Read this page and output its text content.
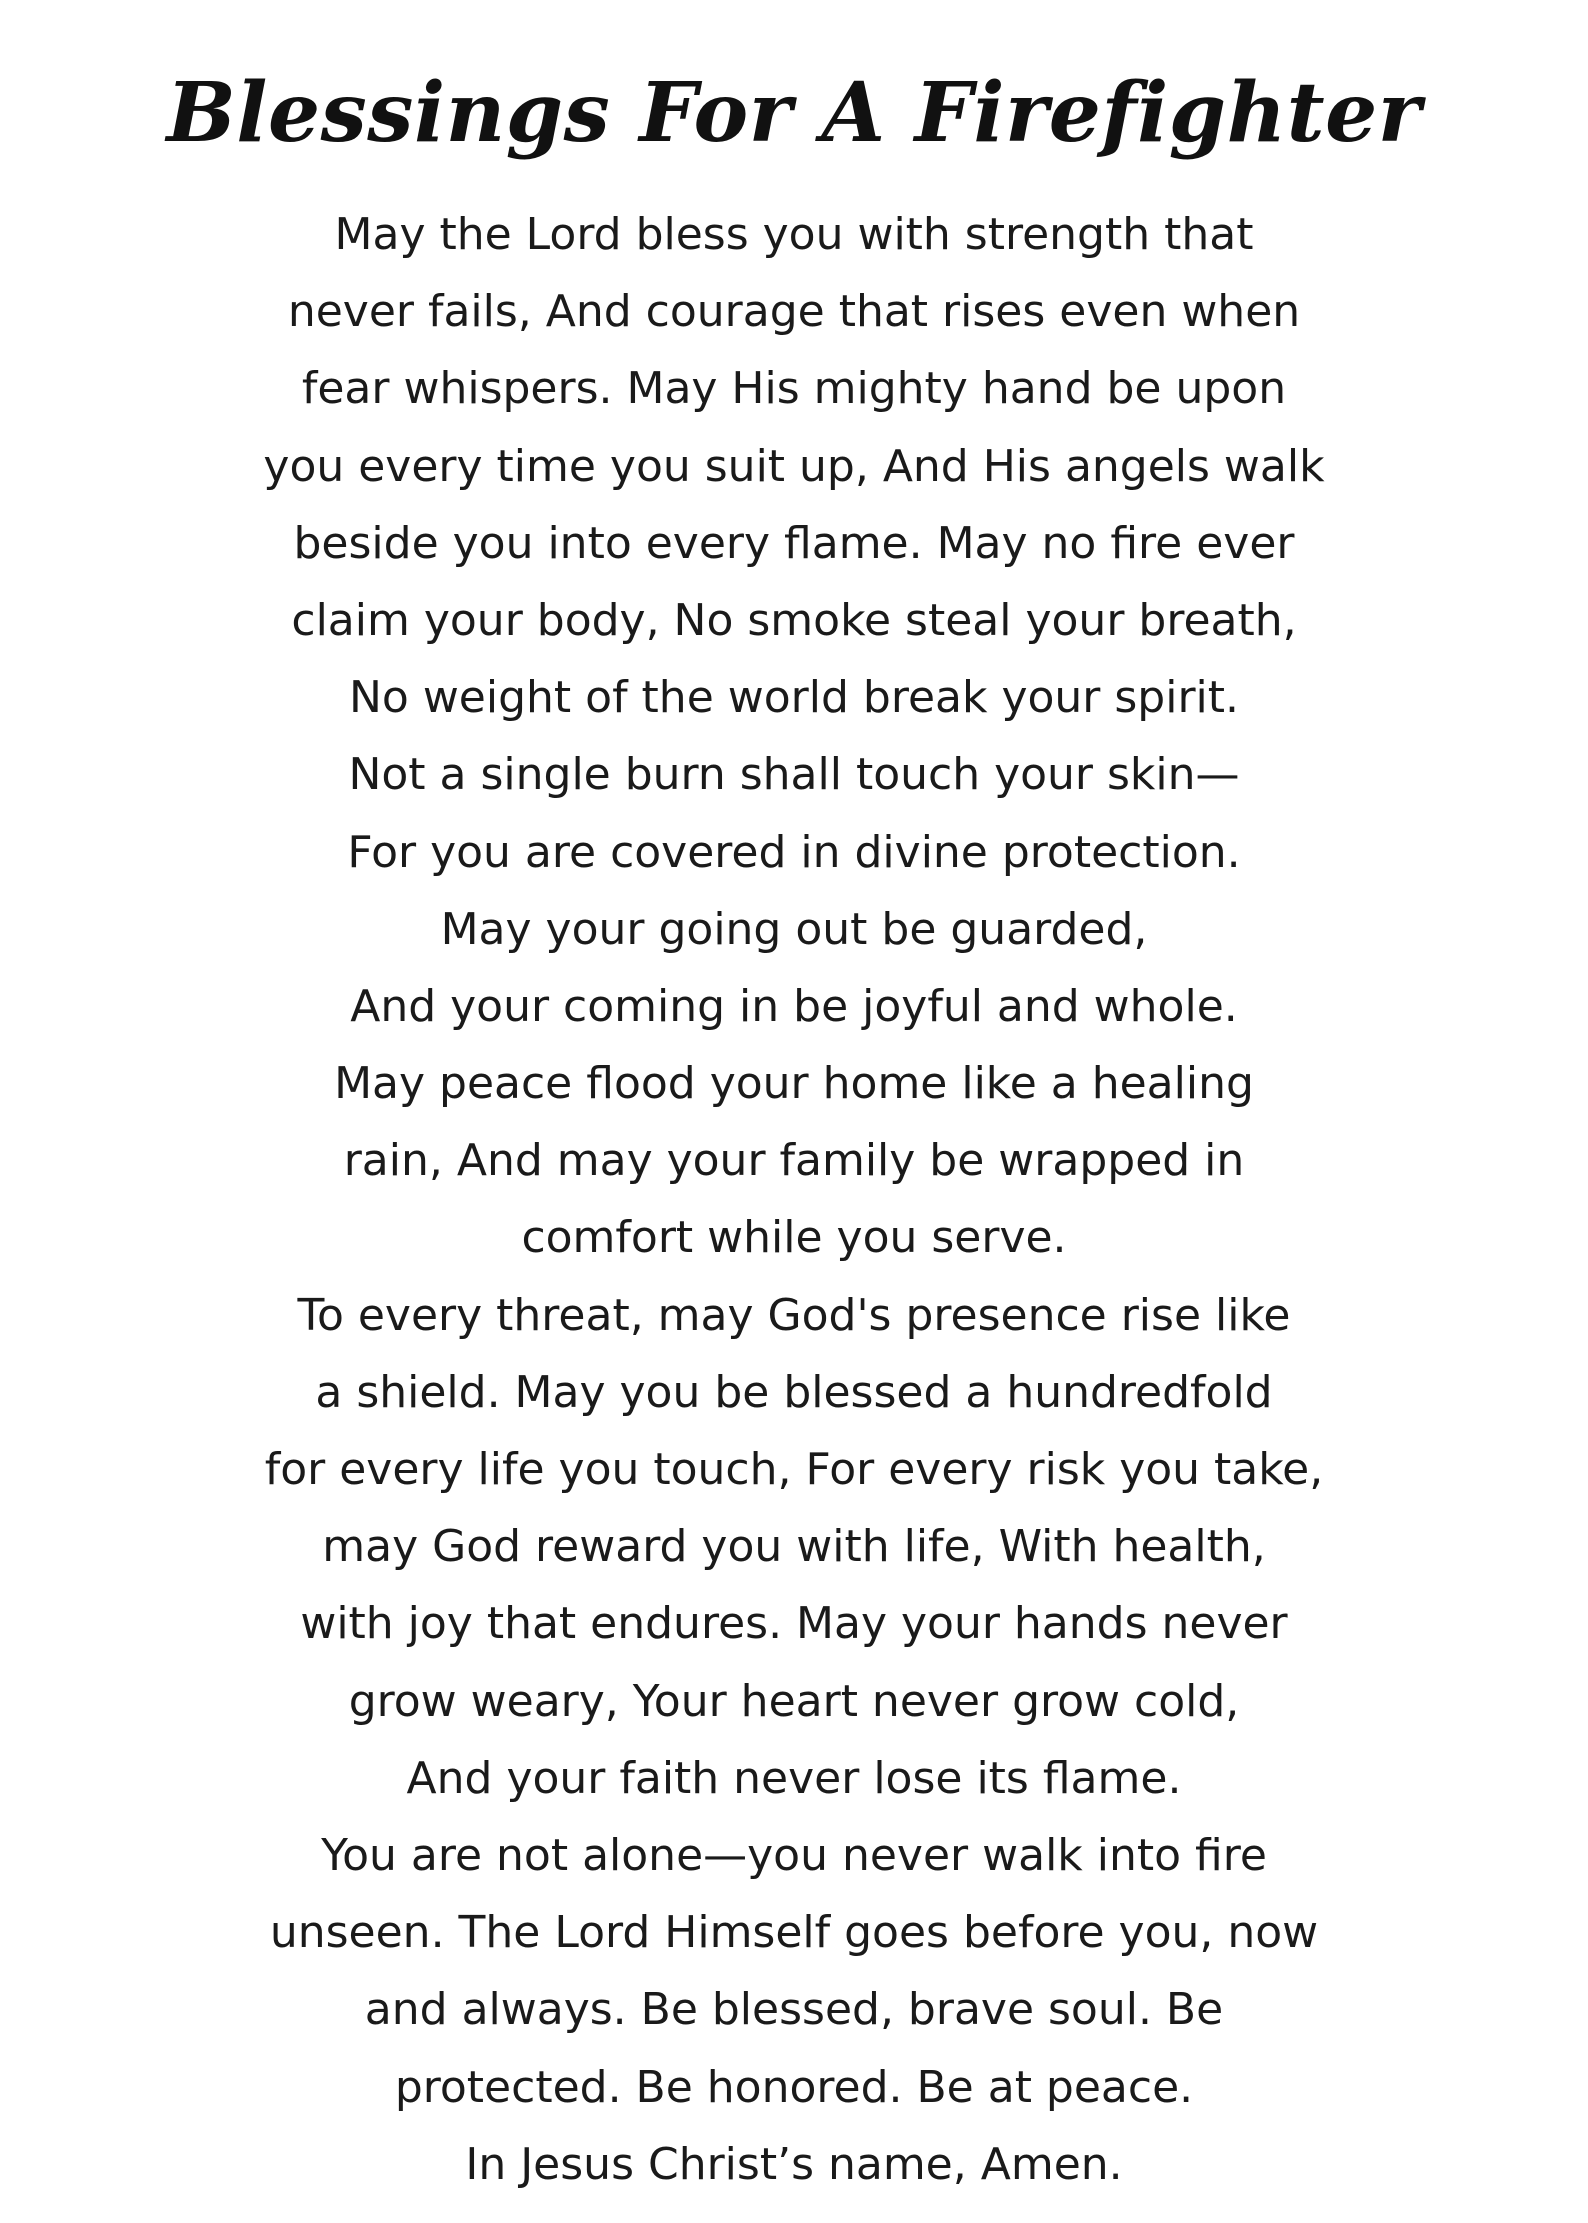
Blessings For A Firefighter
May the Lord bless you with strength that
never fails, And courage that rises even when
fear whispers. May His mighty hand be upon
you every time you suit up, And His angels walk
beside you into every flame. May no fire ever
claim your body, No smoke steal your breath,
No weight of the world break your spirit.
Not a single burn shall touch your skin—
For you are covered in divine protection.
May your going out be guarded,
And your coming in be joyful and whole.
May peace flood your home like a healing
rain, And may your family be wrapped in
comfort while you serve.
To every threat, may God's presence rise like
a shield. May you be blessed a hundredfold
for every life you touch, For every risk you take,
may God reward you with life, With health,
with joy that endures. May your hands never
grow weary, Your heart never grow cold,
And your faith never lose its flame.
You are not alone—you never walk into fire
unseen. The Lord Himself goes before you, now
and always. Be blessed, brave soul. Be
protected. Be honored. Be at peace.
In Jesus Christ’s name, Amen.
